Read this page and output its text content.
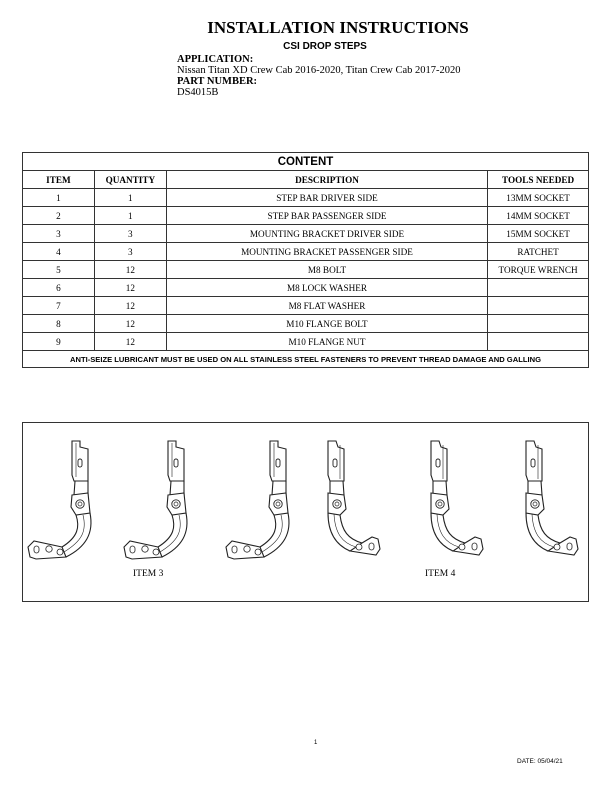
INSTALLATION INSTRUCTIONS
CSI DROP STEPS
APPLICATION:
Nissan Titan XD Crew Cab 2016-2020, Titan Crew Cab 2017-2020
PART NUMBER:
DS4015B
CONTENT			
ITEM	QUANTITY	DESCRIPTION	TOOLS NEEDED
1	1	STEP BAR DRIVER SIDE	13MM SOCKET
2	1	STEP BAR PASSENGER SIDE	14MM SOCKET
3	3	MOUNTING BRACKET DRIVER SIDE	15MM SOCKET
4	3	MOUNTING BRACKET PASSENGER SIDE	RATCHET
5	12	M8 BOLT	TORQUE WRENCH
6	12	M8 LOCK WASHER	
7	12	M8 FLAT WASHER	
8	12	M10 FLANGE BOLT	
9	12	M10 FLANGE NUT	
ANTI-SEIZE LUBRICANT MUST BE USED ON ALL STAINLESS STEEL FASTENERS TO PREVENT THREAD DAMAGE AND GALLING			
ITEM 3	ITEM 4
1
DATE: 05/04/21
